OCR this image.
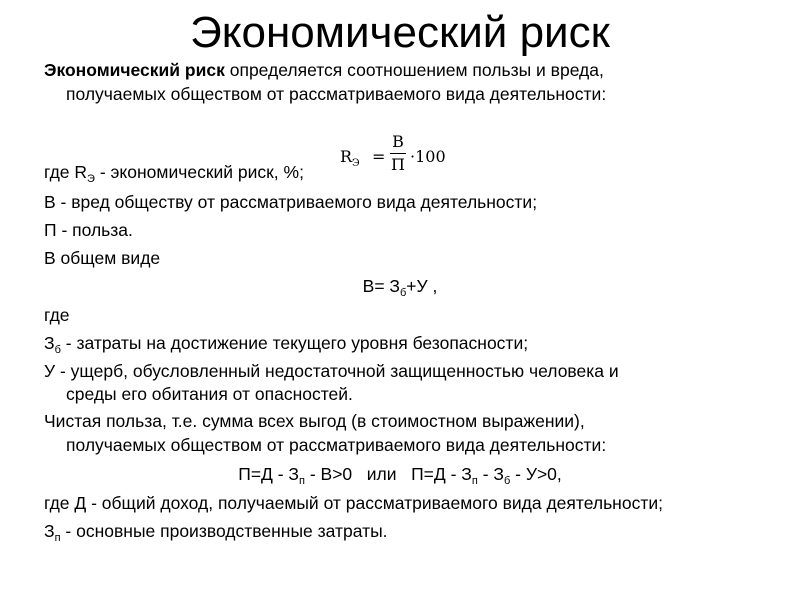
Экономический риск
Экономический риск определяется соотношением пользы и вреда,
получаемых обществом от рассматриваемого вида деятельности:
$R_Э$ =
В
П ·100
где $R_Э$ - экономический риск, %;
В - вред обществу от рассматриваемого вида деятельности;
П - польза.
В общем виде
$В= З_б+У$ ,
где
$З_б$ - затраты на достижение текущего уровня безопасности;
У - ущерб, обусловленный недостаточной защищенностью человека и
среды его обитания от опасностей.
Чистая польза, т.е. сумма всех выгод (в стоимостном выражении),
получаемых обществом от рассматриваемого вида деятельности:
$П=Д - З_п - В>0$   или   $П=Д - З_п - З_б - У>0$,
где Д - общий доход, получаемый от рассматриваемого вида деятельности;
$З_п$ - основные производственные затраты.
